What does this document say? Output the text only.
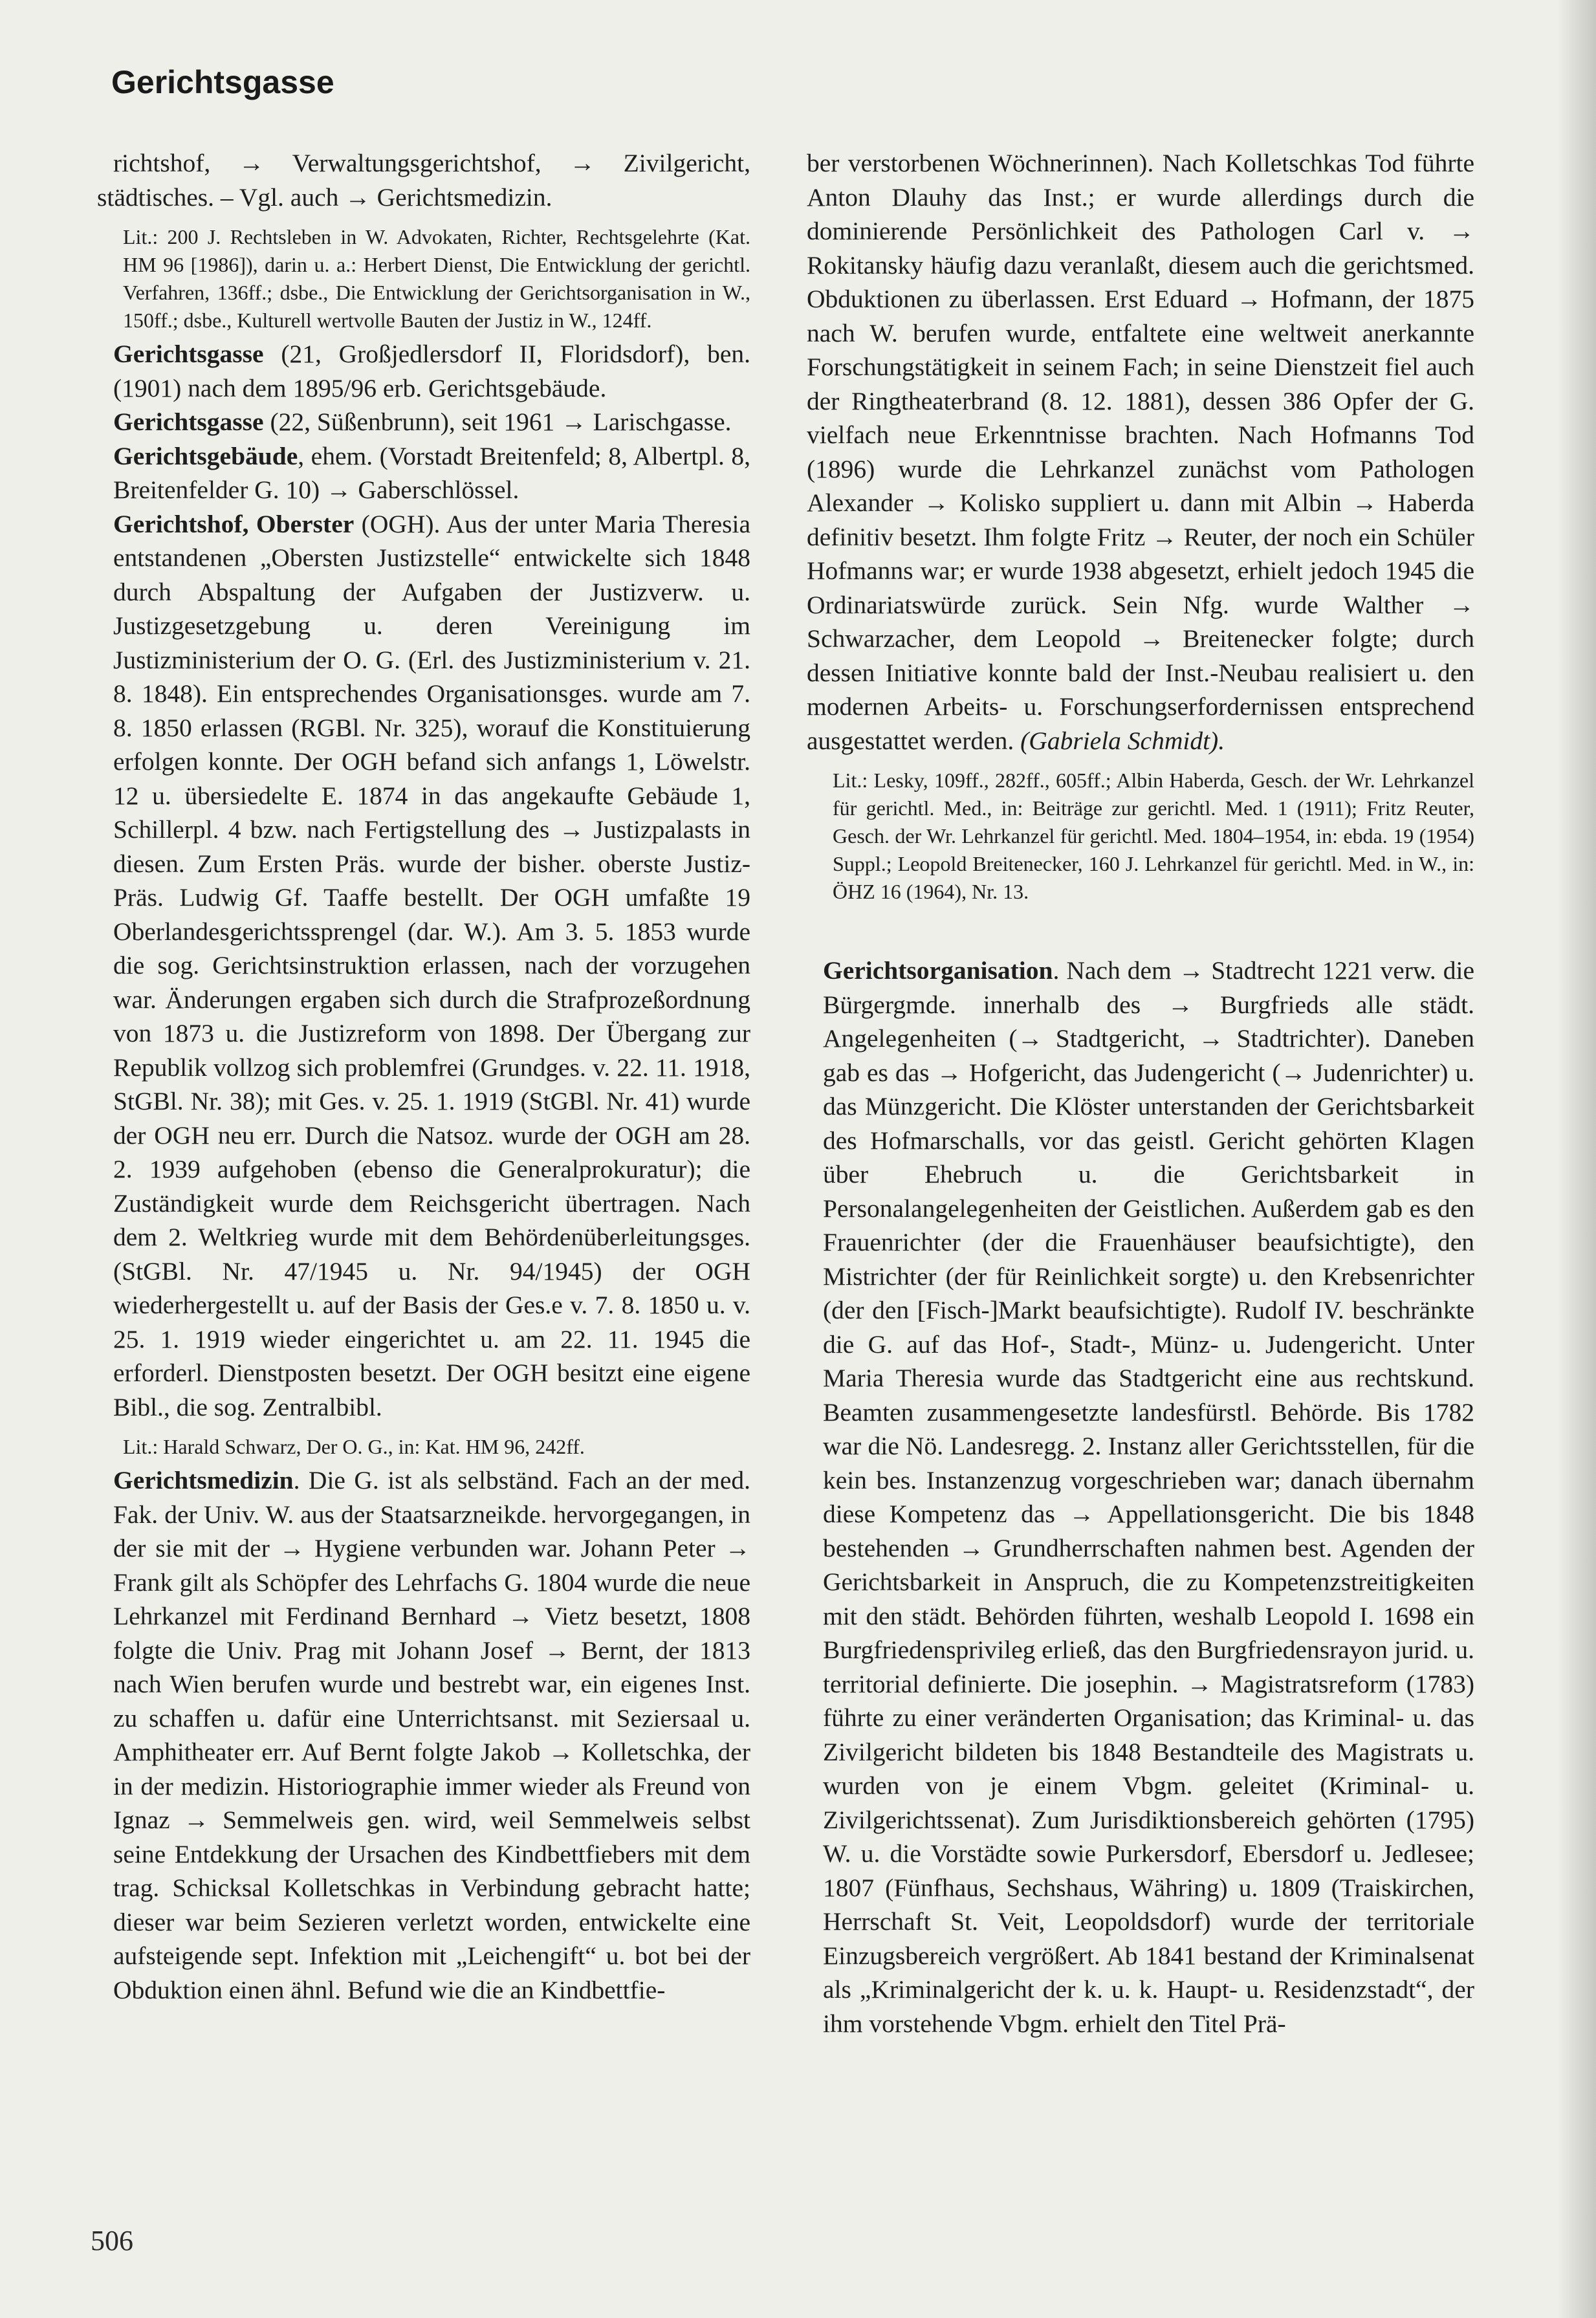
Gerichtsgasse

richtshof, → Verwaltungsgerichtshof, → Zivilgericht, städtisches. – Vgl. auch → Gerichtsmedizin.

Lit.: 200 J. Rechtsleben in W. Advokaten, Richter, Rechtsgelehrte (Kat. HM 96 [1986]), darin u. a.: Herbert Dienst, Die Entwicklung der gerichtl. Verfahren, 136ff.; dsbe., Die Entwicklung der Gerichtsorganisation in W., 150ff.; dsbe., Kulturell wertvolle Bauten der Justiz in W., 124ff.

Gerichtsgasse (21, Großjedlersdorf II, Floridsdorf), ben. (1901) nach dem 1895/96 erb. Gerichtsgebäude.

Gerichtsgasse (22, Süßenbrunn), seit 1961 → Larischgasse.

Gerichtsgebäude, ehem. (Vorstadt Breitenfeld; 8, Albertpl. 8, Breitenfelder G. 10) → Gaberschlössel.

Gerichtshof, Oberster (OGH). Aus der unter Maria Theresia entstandenen „Obersten Justizstelle“ entwickelte sich 1848 durch Abspaltung der Aufgaben der Justizverw. u. Justizgesetzgebung u. deren Vereinigung im Justizministerium der O. G. (Erl. des Justizministerium v. 21. 8. 1848). Ein entsprechendes Organisationsges. wurde am 7. 8. 1850 erlassen (RGBl. Nr. 325), worauf die Konstituierung erfolgen konnte. Der OGH befand sich anfangs 1, Löwelstr. 12 u. übersiedelte E. 1874 in das angekaufte Gebäude 1, Schillerpl. 4 bzw. nach Fertigstellung des → Justizpalasts in diesen. Zum Ersten Präs. wurde der bisher. oberste Justiz-Präs. Ludwig Gf. Taaffe bestellt. Der OGH umfaßte 19 Oberlandesgerichtssprengel (dar. W.). Am 3. 5. 1853 wurde die sog. Gerichtsinstruktion erlassen, nach der vorzugehen war. Änderungen ergaben sich durch die Strafprozeßordnung von 1873 u. die Justizreform von 1898. Der Übergang zur Republik vollzog sich problemfrei (Grundges. v. 22. 11. 1918, StGBl. Nr. 38); mit Ges. v. 25. 1. 1919 (StGBl. Nr. 41) wurde der OGH neu err. Durch die Natsoz. wurde der OGH am 28. 2. 1939 aufgehoben (ebenso die Generalprokuratur); die Zuständigkeit wurde dem Reichsgericht übertragen. Nach dem 2. Weltkrieg wurde mit dem Behördenüberleitungsges. (StGBl. Nr. 47/1945 u. Nr. 94/1945) der OGH wiederhergestellt u. auf der Basis der Ges.e v. 7. 8. 1850 u. v. 25. 1. 1919 wieder eingerichtet u. am 22. 11. 1945 die erforderl. Dienstposten besetzt. Der OGH besitzt eine eigene Bibl., die sog. Zentralbibl.

Lit.: Harald Schwarz, Der O. G., in: Kat. HM 96, 242ff.

Gerichtsmedizin. Die G. ist als selbständ. Fach an der med. Fak. der Univ. W. aus der Staatsarzneikde. hervorgegangen, in der sie mit der → Hygiene verbunden war. Johann Peter → Frank gilt als Schöpfer des Lehrfachs G. 1804 wurde die neue Lehrkanzel mit Ferdinand Bernhard → Vietz besetzt, 1808 folgte die Univ. Prag mit Johann Josef → Bernt, der 1813 nach Wien berufen wurde und bestrebt war, ein eigenes Inst. zu schaffen u. dafür eine Unterrichtsanst. mit Seziersaal u. Amphitheater err. Auf Bernt folgte Jakob → Kolletschka, der in der medizin. Historiographie immer wieder als Freund von Ignaz → Semmelweis gen. wird, weil Semmelweis selbst seine Entdekkung der Ursachen des Kindbettfiebers mit dem trag. Schicksal Kolletschkas in Verbindung gebracht hatte; dieser war beim Sezieren verletzt worden, entwickelte eine aufsteigende sept. Infektion mit „Leichengift“ u. bot bei der Obduktion einen ähnl. Befund wie die an Kindbettfie-

ber verstorbenen Wöchnerinnen). Nach Kolletschkas Tod führte Anton Dlauhy das Inst.; er wurde allerdings durch die dominierende Persönlichkeit des Pathologen Carl v. → Rokitansky häufig dazu veranlaßt, diesem auch die gerichtsmed. Obduktionen zu überlassen. Erst Eduard → Hofmann, der 1875 nach W. berufen wurde, entfaltete eine weltweit anerkannte Forschungstätigkeit in seinem Fach; in seine Dienstzeit fiel auch der Ringtheaterbrand (8. 12. 1881), dessen 386 Opfer der G. vielfach neue Erkenntnisse brachten. Nach Hofmanns Tod (1896) wurde die Lehrkanzel zunächst vom Pathologen Alexander → Kolisko suppliert u. dann mit Albin → Haberda definitiv besetzt. Ihm folgte Fritz → Reuter, der noch ein Schüler Hofmanns war; er wurde 1938 abgesetzt, erhielt jedoch 1945 die Ordinariatswürde zurück. Sein Nfg. wurde Walther → Schwarzacher, dem Leopold → Breitenecker folgte; durch dessen Initiative konnte bald der Inst.-Neubau realisiert u. den modernen Arbeits- u. Forschungserfordernissen entsprechend ausgestattet werden. (Gabriela Schmidt).

Lit.: Lesky, 109ff., 282ff., 605ff.; Albin Haberda, Gesch. der Wr. Lehrkanzel für gerichtl. Med., in: Beiträge zur gerichtl. Med. 1 (1911); Fritz Reuter, Gesch. der Wr. Lehrkanzel für gerichtl. Med. 1804–1954, in: ebda. 19 (1954) Suppl.; Leopold Breitenecker, 160 J. Lehrkanzel für gerichtl. Med. in W., in: ÖHZ 16 (1964), Nr. 13.

Gerichtsorganisation. Nach dem → Stadtrecht 1221 verw. die Bürgergmde. innerhalb des → Burgfrieds alle städt. Angelegenheiten (→ Stadtgericht, → Stadtrichter). Daneben gab es das → Hofgericht, das Judengericht (→ Judenrichter) u. das Münzgericht. Die Klöster unterstanden der Gerichtsbarkeit des Hofmarschalls, vor das geistl. Gericht gehörten Klagen über Ehebruch u. die Gerichtsbarkeit in Personalangelegenheiten der Geistlichen. Außerdem gab es den Frauenrichter (der die Frauenhäuser beaufsichtigte), den Mistrichter (der für Reinlichkeit sorgte) u. den Krebsenrichter (der den [Fisch-]Markt beaufsichtigte). Rudolf IV. beschränkte die G. auf das Hof-, Stadt-, Münz- u. Judengericht. Unter Maria Theresia wurde das Stadtgericht eine aus rechtskund. Beamten zusammengesetzte landesfürstl. Behörde. Bis 1782 war die Nö. Landesregg. 2. Instanz aller Gerichtsstellen, für die kein bes. Instanzenzug vorgeschrieben war; danach übernahm diese Kompetenz das → Appellationsgericht. Die bis 1848 bestehenden → Grundherrschaften nahmen best. Agenden der Gerichtsbarkeit in Anspruch, die zu Kompetenzstreitigkeiten mit den städt. Behörden führten, weshalb Leopold I. 1698 ein Burgfriedensprivileg erließ, das den Burgfriedensrayon jurid. u. territorial definierte. Die josephin. → Magistratsreform (1783) führte zu einer veränderten Organisation; das Kriminal- u. das Zivilgericht bildeten bis 1848 Bestandteile des Magistrats u. wurden von je einem Vbgm. geleitet (Kriminal- u. Zivilgerichtssenat). Zum Jurisdiktionsbereich gehörten (1795) W. u. die Vorstädte sowie Purkersdorf, Ebersdorf u. Jedlesee; 1807 (Fünfhaus, Sechshaus, Währing) u. 1809 (Traiskirchen, Herrschaft St. Veit, Leopoldsdorf) wurde der territoriale Einzugsbereich vergrößert. Ab 1841 bestand der Kriminalsenat als „Kriminalgericht der k. u. k. Haupt- u. Residenzstadt“, der ihm vorstehende Vbgm. erhielt den Titel Prä-

506
